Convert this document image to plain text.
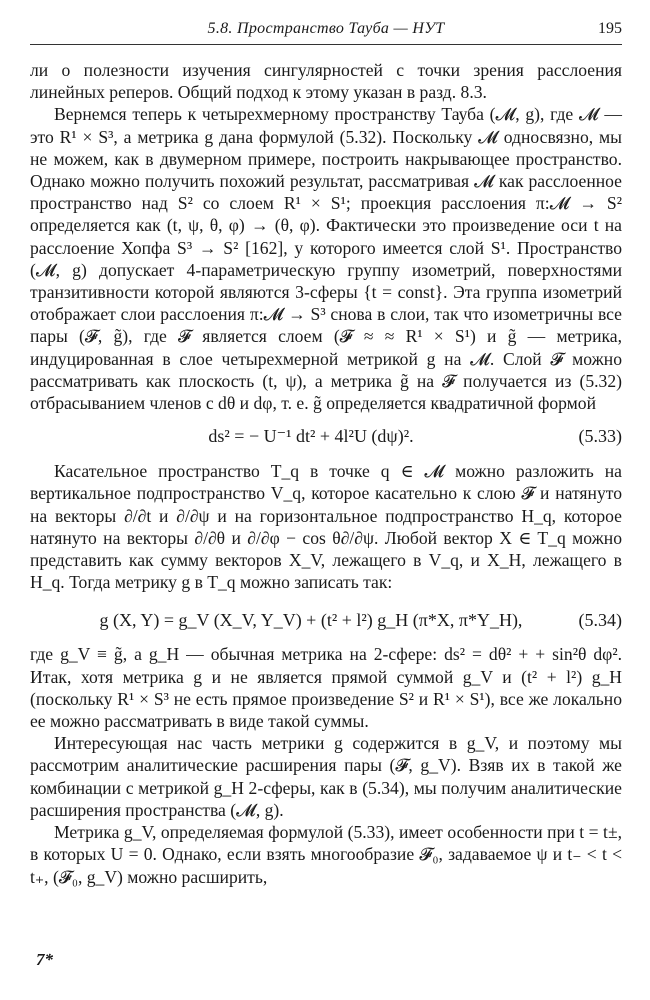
5.8. Пространство Тауба — НУТ	195

ли о полезности изучения сингулярностей с точки зрения расслоения линейных реперов. Общий подход к этому указан в разд. 8.3.

Вернемся теперь к четырехмерному пространству Тауба (𝓜, g), где 𝓜 — это R¹ × S³, а метрика g дана формулой (5.32). Поскольку 𝓜 односвязно, мы не можем, как в двумерном примере, построить накрывающее пространство. Однако можно получить похожий результат, рассматривая 𝓜 как расслоенное пространство над S² со слоем R¹ × S¹; проекция расслоения π:𝓜 → S² определяется как (t, ψ, θ, φ) → (θ, φ). Фактически это произведение оси t на расслоение Хопфа S³ → S² [162], у которого имеется слой S¹. Пространство (𝓜, g) допускает 4-параметрическую группу изометрий, поверхностями транзитивности которой являются 3-сферы {t = const}. Эта группа изометрий отображает слои расслоения π:𝓜 → S³ снова в слои, так что изометричны все пары (𝓕, g̃), где 𝓕 является слоем (𝓕 ≈ ≈ R¹ × S¹) и g̃ — метрика, индуцированная в слое четырехмерной метрикой g на 𝓜. Слой 𝓕 можно рассматривать как плоскость (t, ψ), а метрика g̃ на 𝓕 получается из (5.32) отбрасыванием членов с dθ и dφ, т. е. g̃ определяется квадратичной формой

ds² = − U⁻¹ dt² + 4l²U (dψ)².	(5.33)

Касательное пространство T_q в точке q ∈ 𝓜 можно разложить на вертикальное подпространство V_q, которое касательно к слою 𝓕 и натянуто на векторы ∂/∂t и ∂/∂ψ и на горизонтальное подпространство H_q, которое натянуто на векторы ∂/∂θ и ∂/∂φ − cos θ∂/∂ψ. Любой вектор X ∈ T_q можно представить как сумму векторов X_V, лежащего в V_q, и X_H, лежащего в H_q. Тогда метрику g в T_q можно записать так:

g (X, Y) = g_V (X_V, Y_V) + (t² + l²) g_H (π*X, π*Y_H),	(5.34)

где g_V ≡ g̃, а g_H — обычная метрика на 2-сфере: ds² = dθ² + + sin²θ dφ². Итак, хотя метрика g и не является прямой суммой g_V и (t² + l²) g_H (поскольку R¹ × S³ не есть прямое произведение S² и R¹ × S¹), все же локально ее можно рассматривать в виде такой суммы.

Интересующая нас часть метрики g содержится в g_V, и поэтому мы рассмотрим аналитические расширения пары (𝓕, g_V). Взяв их в такой же комбинации с метрикой g_H 2-сферы, как в (5.34), мы получим аналитические расширения пространства (𝓜, g).

Метрика g_V, определяемая формулой (5.33), имеет особенности при t = t±, в которых U = 0. Однако, если взять многообразие 𝓕₀, задаваемое ψ и t₋ < t < t₊, (𝓕₀, g_V) можно расширить,

7*
